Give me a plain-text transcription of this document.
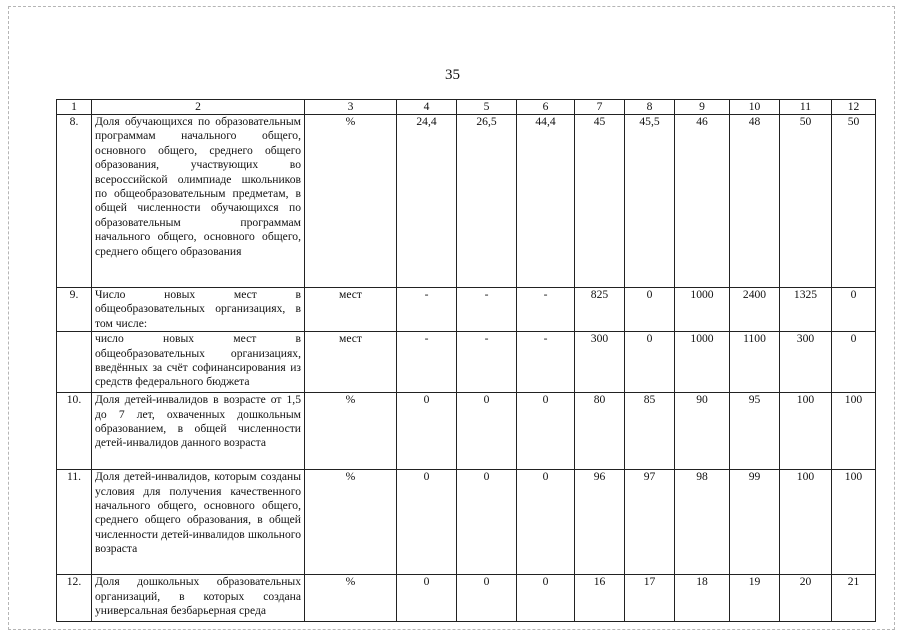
35
1	2	3	4	5	6	7	8	9	10	11	12
8.	Доля обучающихся по образовательным программам начального общего, основного общего, среднего общего образования, участвующих во всероссийской олимпиаде школьников по общеобразовательным предметам, в общей численности обучающихся по образовательным программам начального общего, основного общего, среднего общего образования	%	24,4	26,5	44,4	45	45,5	46	48	50	50
9.	Число новых мест в общеобразовательных организациях, в том числе:	мест	-	-	-	825	0	1000	2400	1325	0
	число новых мест в общеобразовательных организациях, введённых за счёт софинансирования из средств федерального бюджета	мест	-	-	-	300	0	1000	1100	300	0
10.	Доля детей-инвалидов в возрасте от 1,5 до 7 лет, охваченных дошкольным образованием, в общей численности детей-инвалидов данного возраста	%	0	0	0	80	85	90	95	100	100
11.	Доля детей-инвалидов, которым созданы условия для получения качественного начального общего, основного общего, среднего общего образования, в общей численности детей-инвалидов школьного возраста	%	0	0	0	96	97	98	99	100	100
12.	Доля дошкольных образовательных организаций, в которых создана универсальная безбарьерная среда	%	0	0	0	16	17	18	19	20	21
